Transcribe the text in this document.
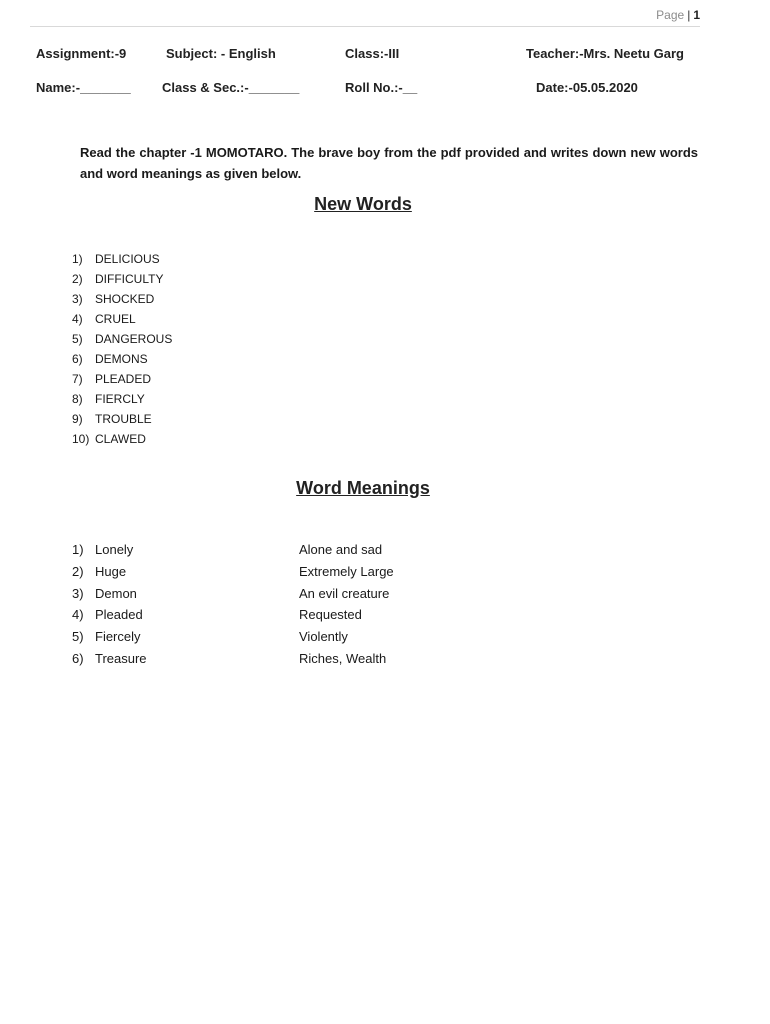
Page | 1
Assignment:-9	Subject: - English	Class:-III	Teacher:-Mrs. Neetu Garg
Name:-_______ Class & Sec.:-_______	Roll No.:-__	Date:-05.05.2020
Read the chapter -1 MOMOTARO. The brave boy from the pdf provided and writes down new words and word meanings as given below.
New Words
1)	DELICIOUS
2)	DIFFICULTY
3)	SHOCKED
4)	CRUEL
5)	DANGEROUS
6)	DEMONS
7)	PLEADED
8)	FIERCLY
9)	TROUBLE
10) CLAWED
Word Meanings
1) Lonely	Alone and sad
2) Huge	Extremely Large
3) Demon	An evil creature
4) Pleaded	Requested
5) Fiercely	Violently
6) Treasure	Riches, Wealth
